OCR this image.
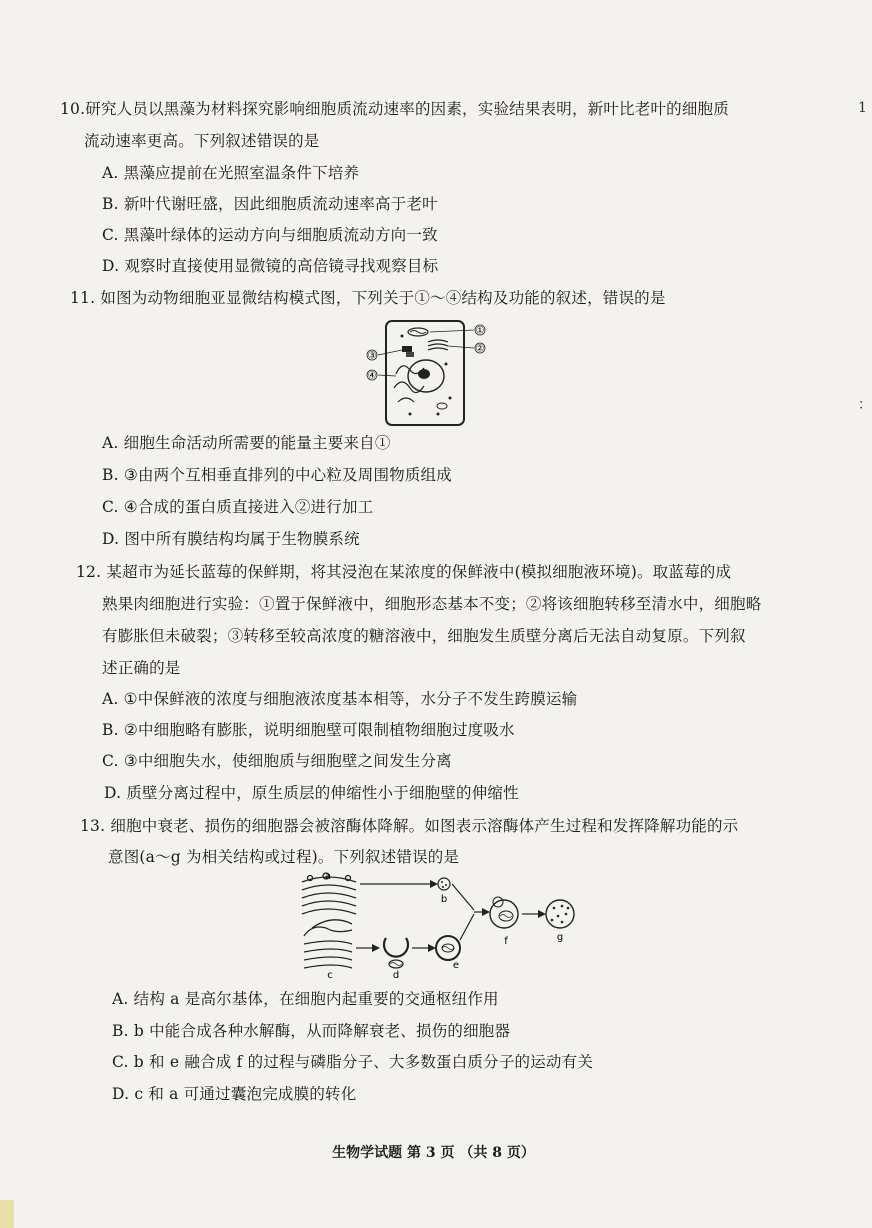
1
：
10.研究人员以黑藻为材料探究影响细胞质流动速率的因素，实验结果表明，新叶比老叶的细胞质
流动速率更高。下列叙述错误的是
A. 黑藻应提前在光照室温条件下培养
B. 新叶代谢旺盛，因此细胞质流动速率高于老叶
C. 黑藻叶绿体的运动方向与细胞质流动方向一致
D. 观察时直接使用显微镜的高倍镜寻找观察目标
11. 如图为动物细胞亚显微结构模式图，下列关于①～④结构及功能的叙述，错误的是
①
②
③
④
A. 细胞生命活动所需要的能量主要来自①
B. ③由两个互相垂直排列的中心粒及周围物质组成
C. ④合成的蛋白质直接进入②进行加工
D. 图中所有膜结构均属于生物膜系统
12. 某超市为延长蓝莓的保鲜期，将其浸泡在某浓度的保鲜液中(模拟细胞液环境)。取蓝莓的成
熟果肉细胞进行实验：①置于保鲜液中，细胞形态基本不变；②将该细胞转移至清水中，细胞略
有膨胀但未破裂；③转移至较高浓度的糖溶液中，细胞发生质壁分离后无法自动复原。下列叙
述正确的是
A. ①中保鲜液的浓度与细胞液浓度基本相等，水分子不发生跨膜运输
B. ②中细胞略有膨胀，说明细胞壁可限制植物细胞过度吸水
C. ③中细胞失水，使细胞质与细胞壁之间发生分离
D. 质壁分离过程中，原生质层的伸缩性小于细胞壁的伸缩性
13. 细胞中衰老、损伤的细胞器会被溶酶体降解。如图表示溶酶体产生过程和发挥降解功能的示
意图(a～g 为相关结构或过程)。下列叙述错误的是
a
b
c	d
e
f	g
A. 结构 a 是高尔基体，在细胞内起重要的交通枢纽作用
B. b 中能合成各种水解酶，从而降解衰老、损伤的细胞器
C. b 和 e 融合成 f 的过程与磷脂分子、大多数蛋白质分子的运动有关
D. c 和 a 可通过囊泡完成膜的转化
生物学试题 第 3 页 （共 8 页）
